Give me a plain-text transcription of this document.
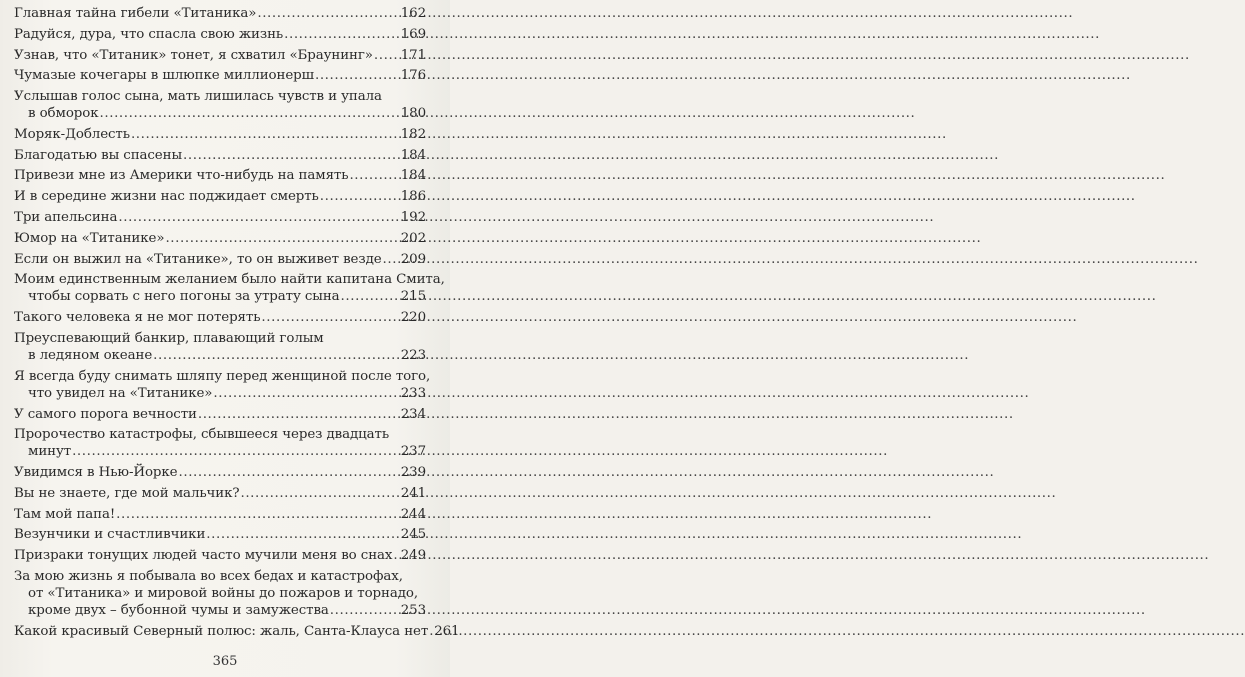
Главная тайна гибели «Титаника» .....	162
Радуйся, дура, что спасла свою жизнь .....	169
Узнав, что «Титаник» тонет, я схватил «Браунинг» ..... 171
Чумазые кочегары в шлюпке миллионерш .....	176
Услышав голос сына, мать лишилась чувств и упала
в обморок .....	180
Моряк-Доблесть .....	182
Благодатью вы спасены .....	184
Привези мне из Америки что-нибудь на память .....	184
И в середине жизни нас поджидает смерть .....	186
Три апельсина .....	192
Юмор на «Титанике» .....	202
Если он выжил на «Титанике», то он выживет везде ..... 209
Моим единственным желанием было найти капитана Смита,
чтобы сорвать с него погоны за утрату сына .....	215
Такого человека я не мог потерять .....	220
Преуспевающий банкир, плавающий голым
в ледяном океане .....	223
Я всегда буду снимать шляпу перед женщиной после того,
что увидел на «Титанике» .....	233
У самого порога вечности .....	234
Пророчество катастрофы, сбывшееся через двадцать
минут .....	237
Увидимся в Нью-Йорке .....	239
Вы не знаете, где мой мальчик? .....	241
Там мой папа! .....	244
Везунчики и счастливчики .....	245
Призраки тонущих людей часто мучили меня во снах ..... 249
За мою жизнь я побывала во всех бедах и катастрофах,
от «Титаника» и мировой войны до пожаров и торнадо,
кроме двух – бубонной чумы и замужества .....	253
Какой красивый Северный полюс: жаль, Санта-Клауса нет ..... 261
365
